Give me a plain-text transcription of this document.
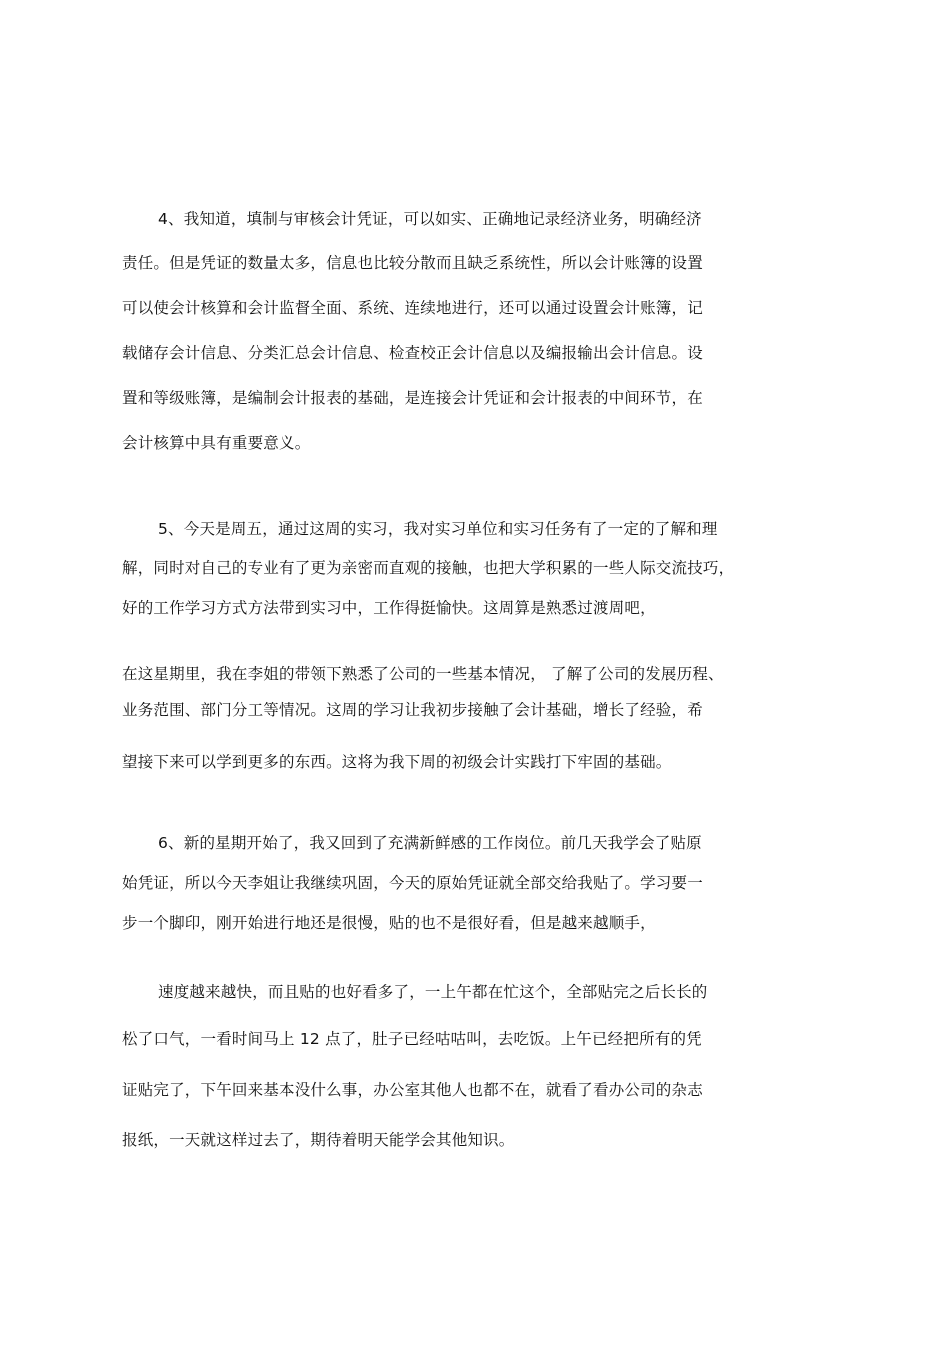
4、我知道，填制与审核会计凭证，可以如实、正确地记录经济业务，明确经济

责任。但是凭证的数量太多，信息也比较分散而且缺乏系统性，所以会计账簿的设置

可以使会计核算和会计监督全面、系统、连续地进行，还可以通过设置会计账簿，记

载储存会计信息、分类汇总会计信息、检查校正会计信息以及编报输出会计信息。设

置和等级账簿，是编制会计报表的基础，是连接会计凭证和会计报表的中间环节，在

会计核算中具有重要意义。

5、今天是周五，通过这周的实习，我对实习单位和实习任务有了一定的了解和理

解，同时对自己的专业有了更为亲密而直观的接触，也把大学积累的一些人际交流技巧，

好的工作学习方式方法带到实习中，工作得挺愉快。这周算是熟悉过渡周吧，

在这星期里，我在李姐的带领下熟悉了公司的一些基本情况， 了解了公司的发展历程、

业务范围、部门分工等情况。这周的学习让我初步接触了会计基础，增长了经验，希

望接下来可以学到更多的东西。这将为我下周的初级会计实践打下牢固的基础。

6、新的星期开始了，我又回到了充满新鲜感的工作岗位。前几天我学会了贴原

始凭证，所以今天李姐让我继续巩固，今天的原始凭证就全部交给我贴了。学习要一

步一个脚印，刚开始进行地还是很慢，贴的也不是很好看，但是越来越顺手，

速度越来越快，而且贴的也好看多了，一上午都在忙这个，全部贴完之后长长的

松了口气，一看时间马上 12 点了，肚子已经咕咕叫，去吃饭。上午已经把所有的凭

证贴完了，下午回来基本没什么事，办公室其他人也都不在，就看了看办公司的杂志

报纸，一天就这样过去了，期待着明天能学会其他知识。
